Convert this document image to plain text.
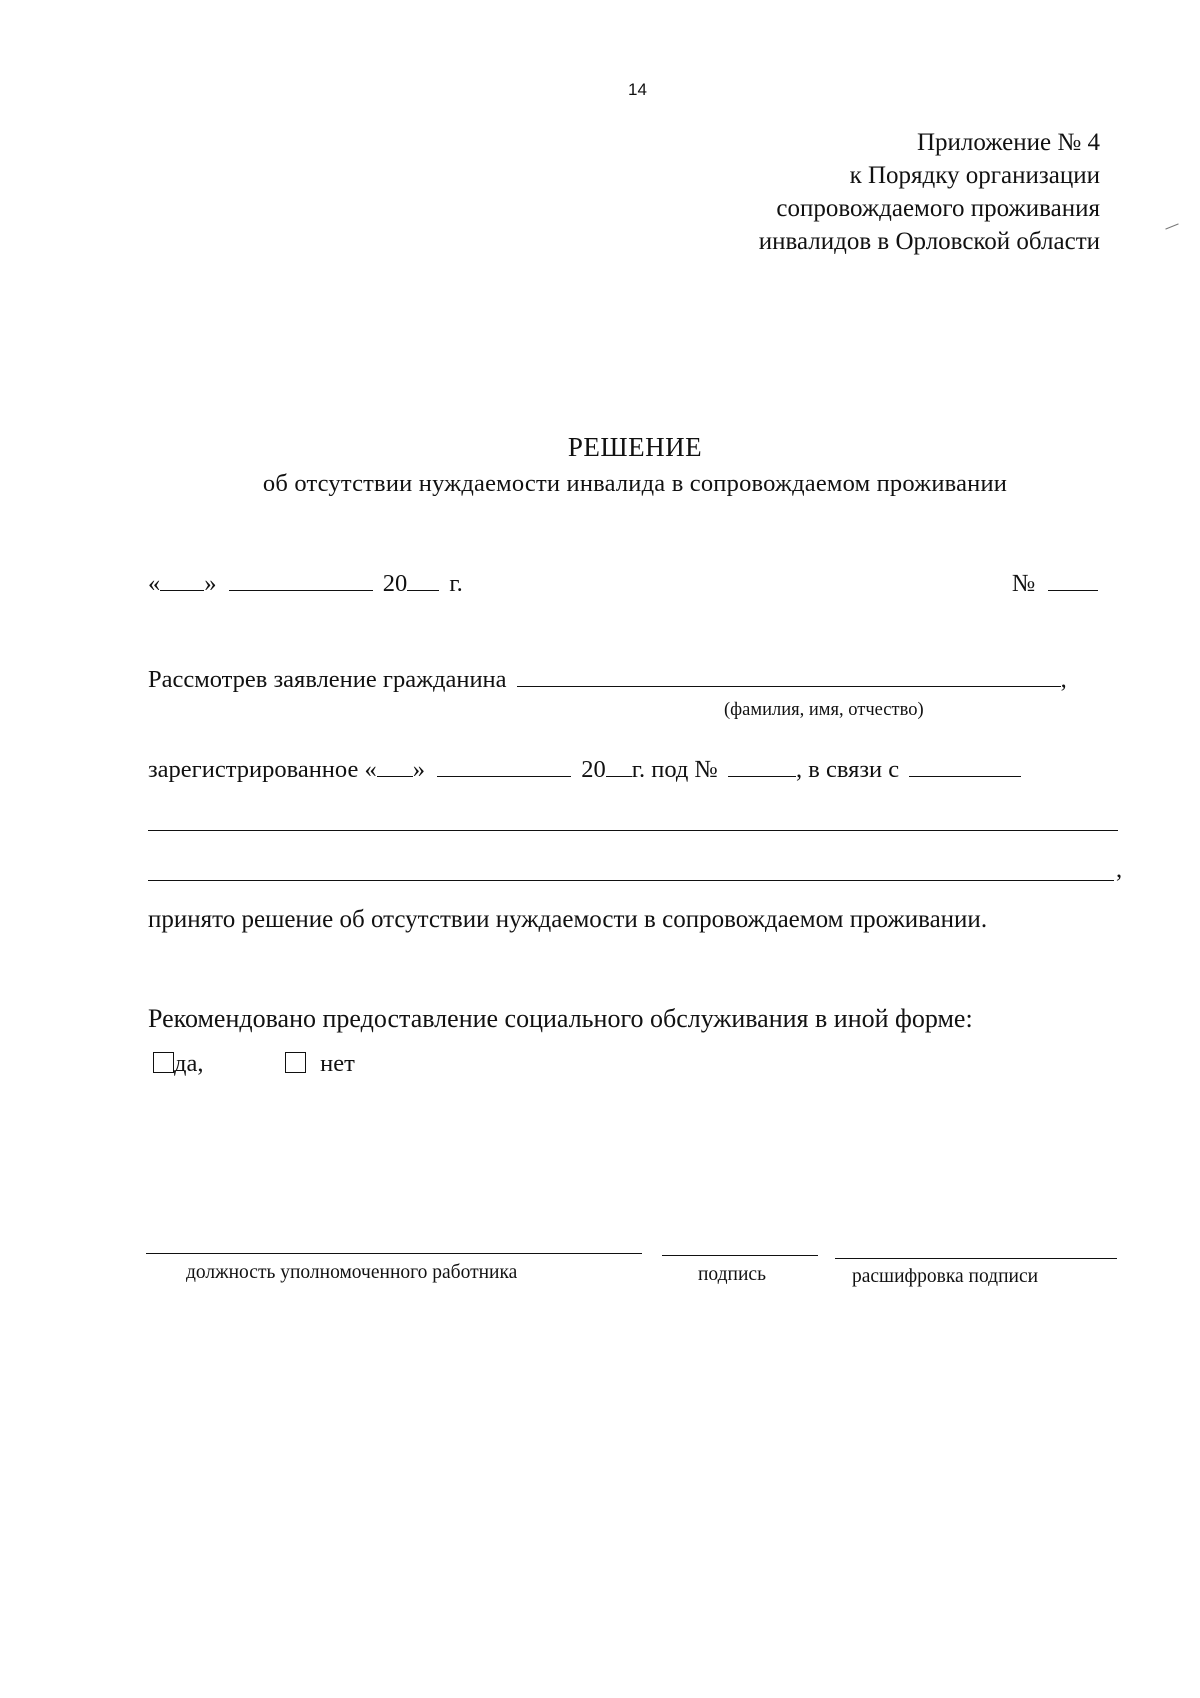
14
Приложение № 4
к Порядку организации
сопровождаемого проживания
инвалидов в Орловской области
РЕШЕНИЕ
об отсутствии нуждаемости инвалида в сопровождаемом проживании
« »	20 г.	№
Рассмотрев заявление гражданина	,
(фамилия, имя, отчество)
зарегистрированное « »	20 г. под №	, в связи с
,
принято решение об отсутствии нуждаемости в сопровождаемом проживании.
Рекомендовано предоставление социального обслуживания в иной форме:
да,	нет
должность уполномоченного работника	подпись	расшифровка подписи
